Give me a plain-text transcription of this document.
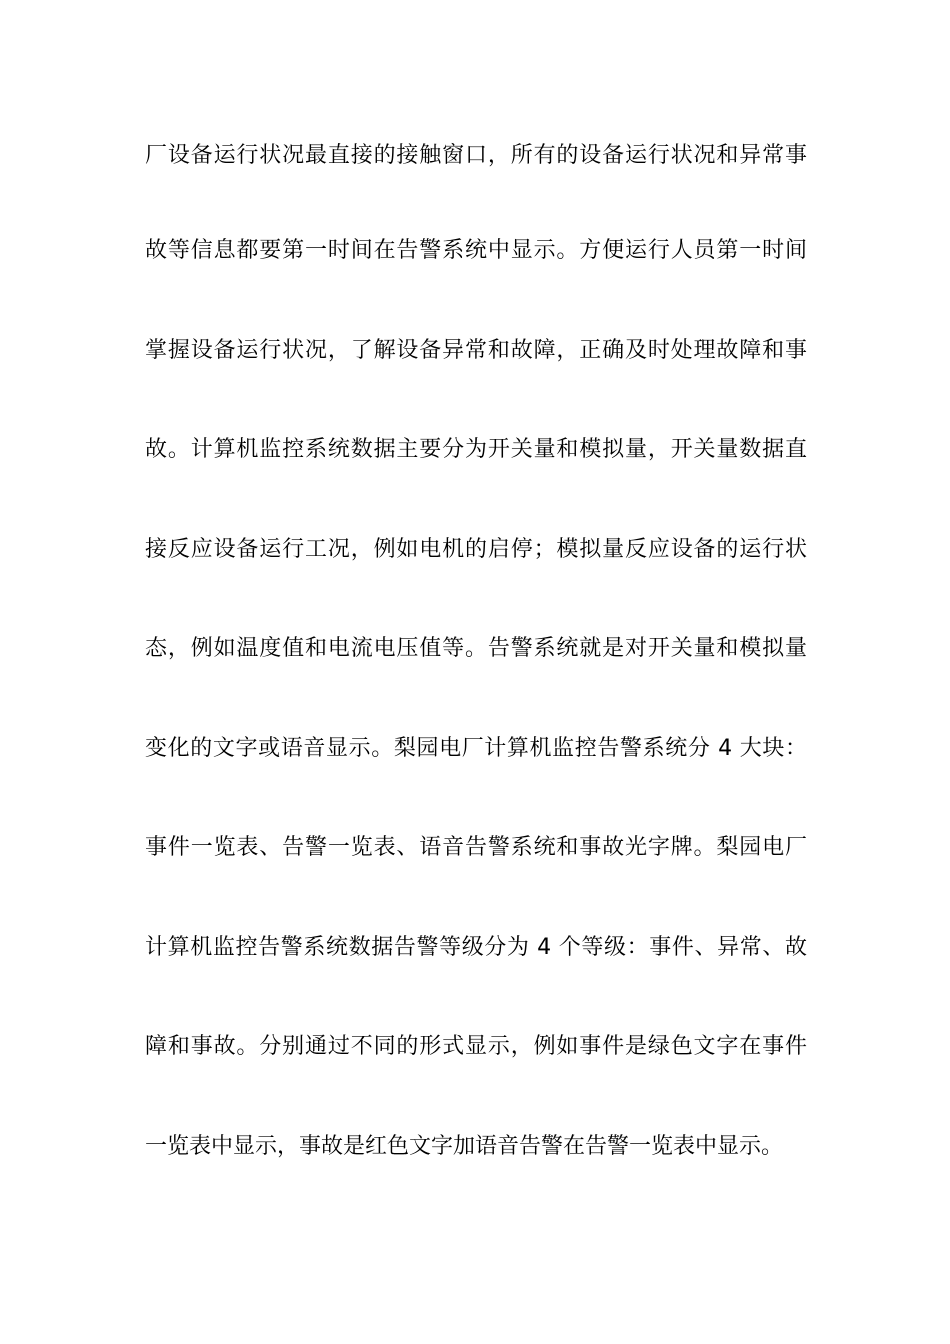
厂设备运行状况最直接的接触窗口，所有的设备运行状况和异常事
故等信息都要第一时间在告警系统中显示。方便运行人员第一时间
掌握设备运行状况，了解设备异常和故障，正确及时处理故障和事
故。计算机监控系统数据主要分为开关量和模拟量，开关量数据直
接反应设备运行工况，例如电机的启停；模拟量反应设备的运行状
态，例如温度值和电流电压值等。告警系统就是对开关量和模拟量
变化的文字或语音显示。梨园电厂计算机监控告警系统分 4 大块：
事件一览表、告警一览表、语音告警系统和事故光字牌。梨园电厂
计算机监控告警系统数据告警等级分为 4 个等级：事件、异常、故
障和事故。分别通过不同的形式显示，例如事件是绿色文字在事件
一览表中显示，事故是红色文字加语音告警在告警一览表中显示。
